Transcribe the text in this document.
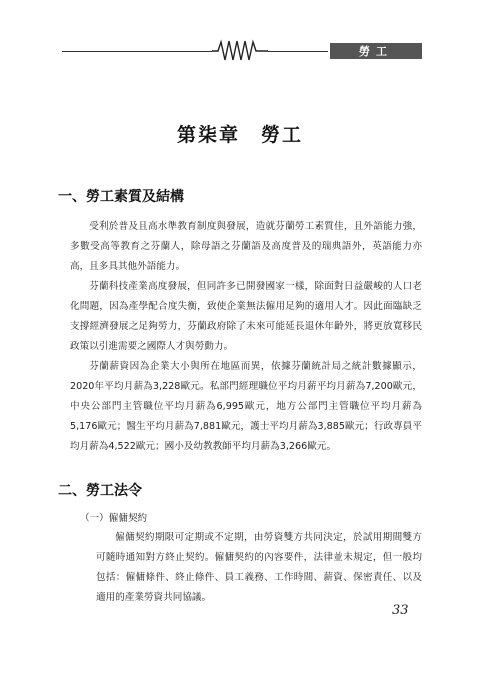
勞工
第柒章　勞工
一、勞工素質及結構

受利於普及且高水準教育制度與發展，造就芬蘭勞工素質佳，且外語能力強，多數受高等教育之芬蘭人，除母語之芬蘭語及高度普及的瑞典語外，英語能力亦高，且多具其他外語能力。

芬蘭科技產業高度發展，但同許多已開發國家一樣，除面對日益嚴峻的人口老化問題，因為產學配合度失衡，致使企業無法僱用足夠的適用人才。因此面臨缺乏支撐經濟發展之足夠勞力，芬蘭政府除了未來可能延長退休年齡外，將更放寬移民政策以引進需要之國際人才與勞動力。

芬蘭薪資因為企業大小與所在地區而異，依據芬蘭統計局之統計數據顯示，2020年平均月薪為3,228歐元。私部門經理職位平均月薪平均月薪為7,200歐元，中央公部門主管職位平均月薪為6,995歐元，地方公部門主管職位平均月薪為5,176歐元；醫生平均月薪為7,881歐元，護士平均月薪為3,885歐元；行政專員平均月薪為4,522歐元；國小及幼教教師平均月薪為3,266歐元。

二、勞工法令
（一）僱傭契約

僱傭契約期限可定期或不定期，由勞資雙方共同決定，於試用期間雙方可隨時通知對方終止契約。僱傭契約的內容要件，法律並未規定，但一般均包括：僱傭條件、終止條件、員工義務、工作時間、薪資、保密責任、以及適用的產業勞資共同協議。

33
